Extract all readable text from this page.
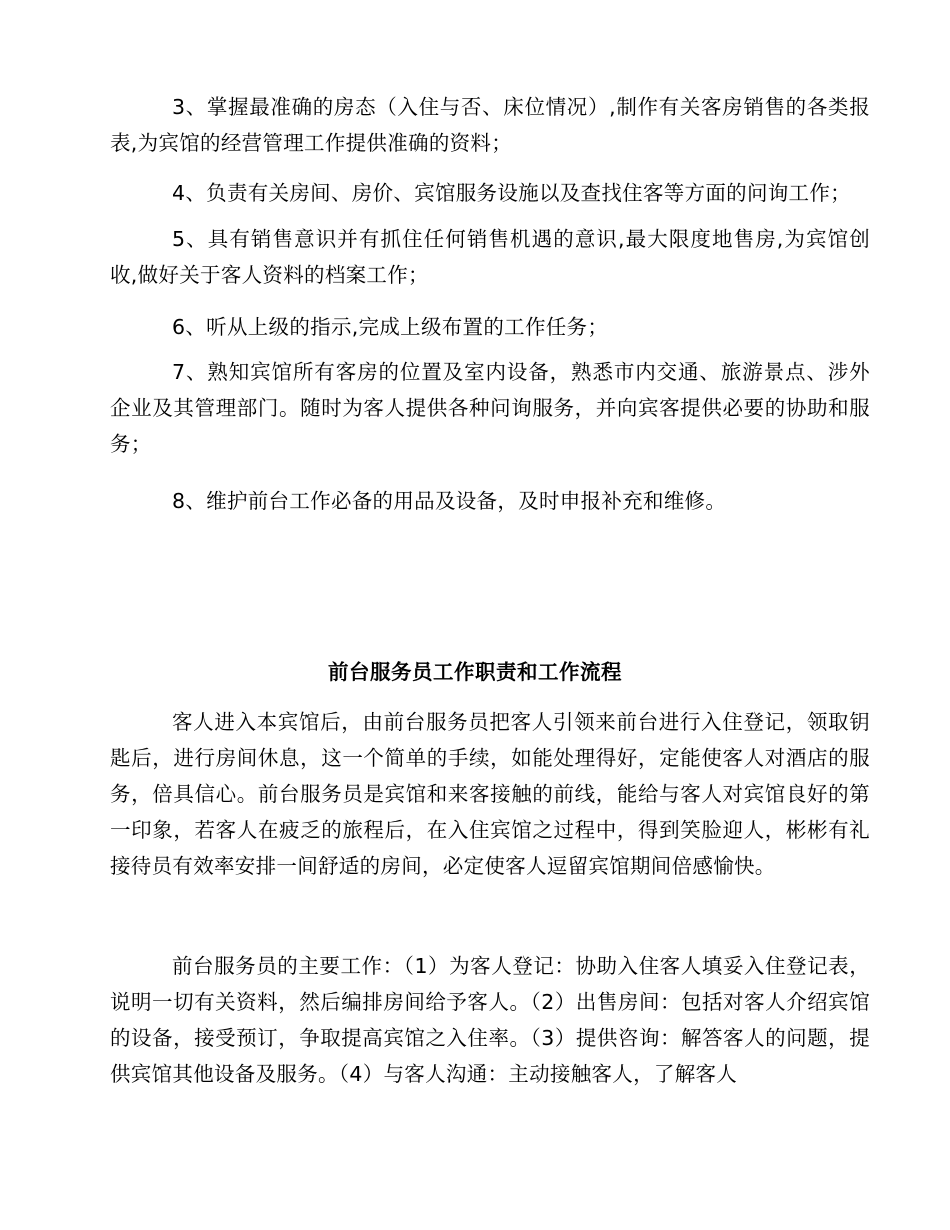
3、掌握最准确的房态（入住与否、床位情况）,制作有关客房销售的各类报表,为宾馆的经营管理工作提供准确的资料；

4、负责有关房间、房价、宾馆服务设施以及查找住客等方面的问询工作；

5、具有销售意识并有抓住任何销售机遇的意识,最大限度地售房,为宾馆创收,做好关于客人资料的档案工作；

6、听从上级的指示,完成上级布置的工作任务；

7、熟知宾馆所有客房的位置及室内设备，熟悉市内交通、旅游景点、涉外企业及其管理部门。随时为客人提供各种问询服务，并向宾客提供必要的协助和服务；

8、维护前台工作必备的用品及设备，及时申报补充和维修。

前台服务员工作职责和工作流程

客人进入本宾馆后，由前台服务员把客人引领来前台进行入住登记，领取钥匙后，进行房间休息，这一个简单的手续，如能处理得好，定能使客人对酒店的服务，倍具信心。前台服务员是宾馆和来客接触的前线，能给与客人对宾馆良好的第一印象，若客人在疲乏的旅程后，在入住宾馆之过程中，得到笑脸迎人，彬彬有礼接待员有效率安排一间舒适的房间，必定使客人逗留宾馆期间倍感愉快。

前台服务员的主要工作：（1）为客人登记：协助入住客人填妥入住登记表，说明一切有关资料，然后编排房间给予客人。（2）出售房间：包括对客人介绍宾馆的设备，接受预订，争取提高宾馆之入住率。（3）提供咨询：解答客人的问题，提供宾馆其他设备及服务。（4）与客人沟通：主动接触客人，了解客人
